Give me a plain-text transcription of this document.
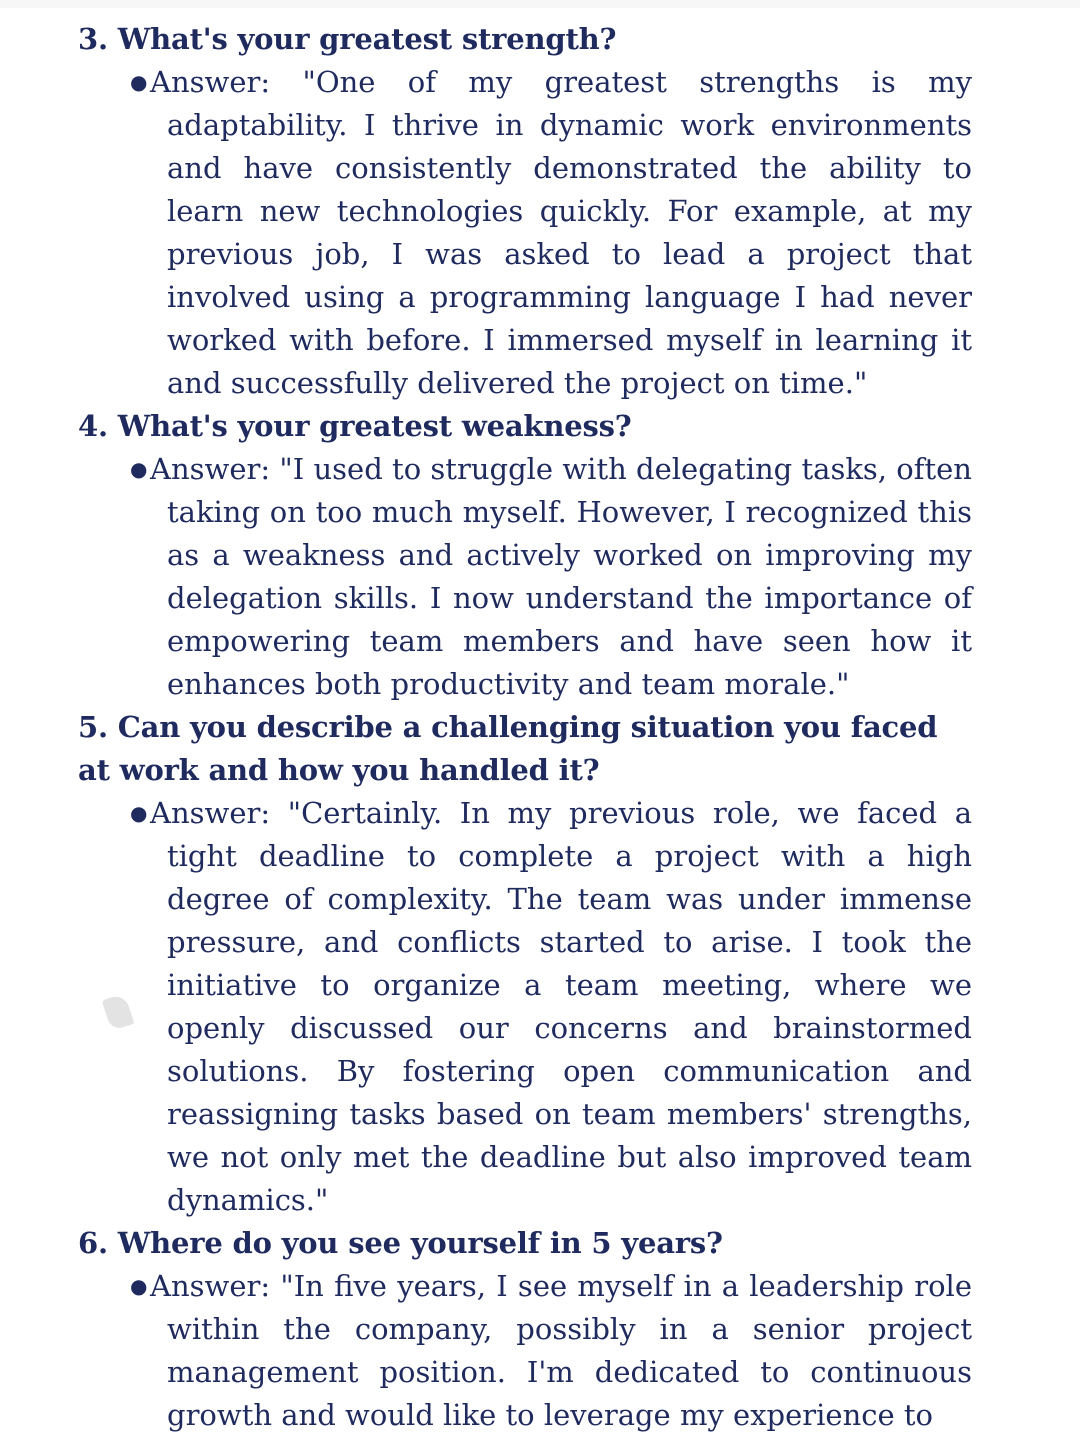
3. What's your greatest strength?

● Answer: "One of my greatest strengths is my adaptability. I thrive in dynamic work environments and have consistently demonstrated the ability to learn new technologies quickly. For example, at my previous job, I was asked to lead a project that involved using a programming language I had never worked with before. I immersed myself in learning it and successfully delivered the project on time."

4. What's your greatest weakness?

● Answer: "I used to struggle with delegating tasks, often taking on too much myself. However, I recognized this as a weakness and actively worked on improving my delegation skills. I now understand the importance of empowering team members and have seen how it enhances both productivity and team morale."

5. Can you describe a challenging situation you faced at work and how you handled it?

● Answer: "Certainly. In my previous role, we faced a tight deadline to complete a project with a high degree of complexity. The team was under immense pressure, and conflicts started to arise. I took the initiative to organize a team meeting, where we openly discussed our concerns and brainstormed solutions. By fostering open communication and reassigning tasks based on team members' strengths, we not only met the deadline but also improved team dynamics."

6. Where do you see yourself in 5 years?

● Answer: "In five years, I see myself in a leadership role within the company, possibly in a senior project management position. I'm dedicated to continuous growth and would like to leverage my experience to
